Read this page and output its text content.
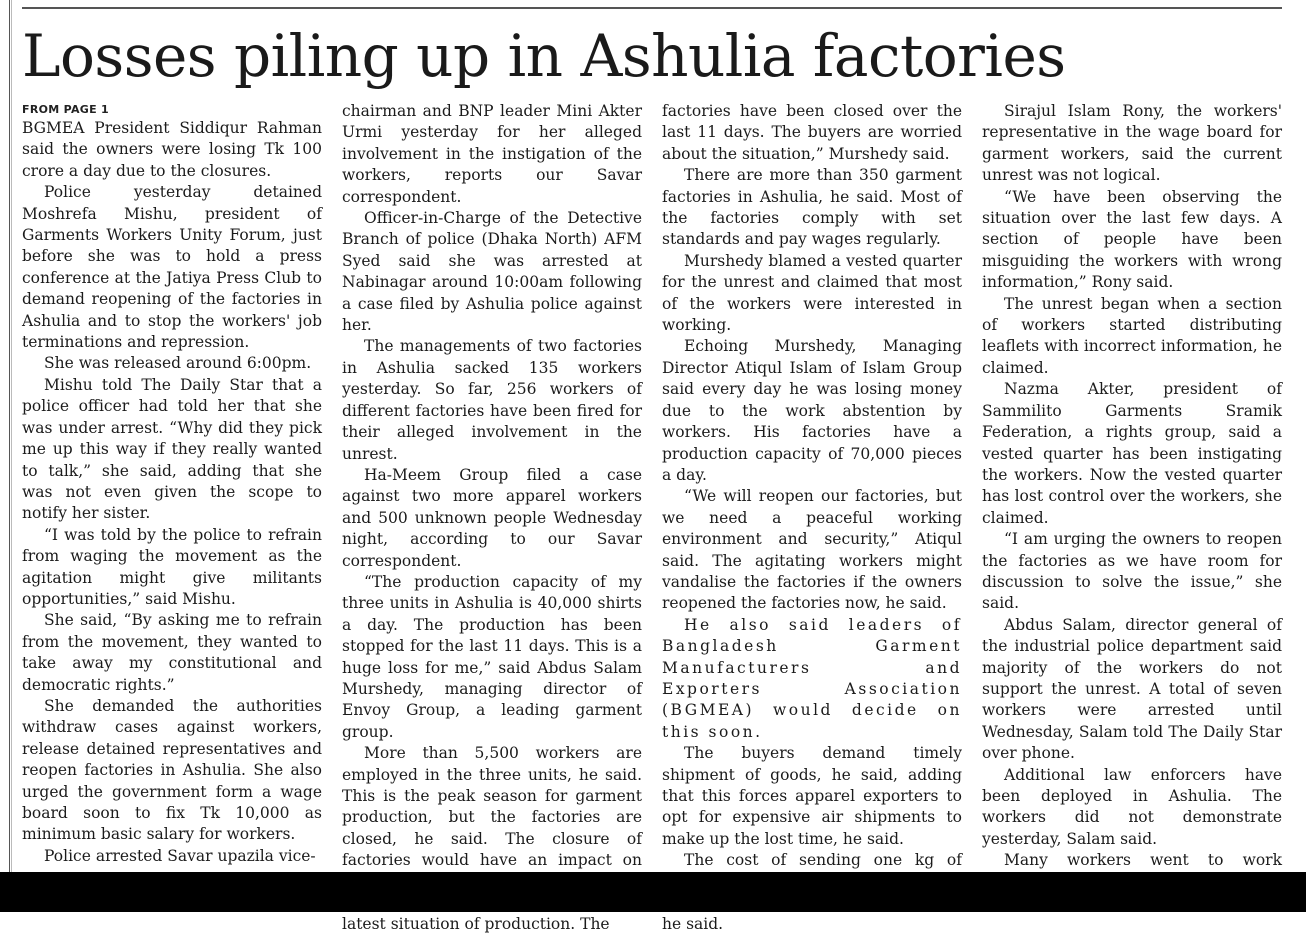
Losses piling up in Ashulia factories

FROM PAGE 1

BGMEA President Siddiqur Rahman said the owners were losing Tk 100 crore a day due to the closures.

Police yesterday detained Moshrefa Mishu, president of Garments Workers Unity Forum, just before she was to hold a press conference at the Jatiya Press Club to demand reopening of the factories in Ashulia and to stop the workers' job terminations and repression.

She was released around 6:00pm.

Mishu told The Daily Star that a police officer had told her that she was under arrest. “Why did they pick me up this way if they really wanted to talk,” she said, adding that she was not even given the scope to notify her sister.

“I was told by the police to refrain from waging the movement as the agitation might give militants opportunities,” said Mishu.

She said, “By asking me to refrain from the movement, they wanted to take away my constitutional and democratic rights.”

She demanded the authorities withdraw cases against workers, release detained representatives and reopen factories in Ashulia. She also urged the government form a wage board soon to fix Tk 10,000 as minimum basic salary for workers.

Police arrested Savar upazila vice-

chairman and BNP leader Mini Akter Urmi yesterday for her alleged involvement in the instigation of the workers, reports our Savar correspondent.

Officer-in-Charge of the Detective Branch of police (Dhaka North) AFM Syed said she was arrested at Nabinagar around 10:00am following a case filed by Ashulia police against her.

The managements of two factories in Ashulia sacked 135 workers yesterday. So far, 256 workers of different factories have been fired for their alleged involvement in the unrest.

Ha-Meem Group filed a case against two more apparel workers and 500 unknown people Wednesday night, according to our Savar correspondent.

“The production capacity of my three units in Ashulia is 40,000 shirts a day. The production has been stopped for the last 11 days. This is a huge loss for me,” said Abdus Salam Murshedy, managing director of Envoy Group, a leading garment group.

More than 5,500 workers are employed in the three units, he said. This is the peak season for garment production, but the factories are closed, he said. The closure of factories would have an impact on

latest situation of production. The

factories have been closed over the last 11 days. The buyers are worried about the situation,” Murshedy said.

There are more than 350 garment factories in Ashulia, he said. Most of the factories comply with set standards and pay wages regularly.

Murshedy blamed a vested quarter for the unrest and claimed that most of the workers were interested in working.

Echoing Murshedy, Managing Director Atiqul Islam of Islam Group said every day he was losing money due to the work abstention by workers. His factories have a production capacity of 70,000 pieces a day.

“We will reopen our factories, but we need a peaceful working environment and security,” Atiqul said. The agitating workers might vandalise the factories if the owners reopened the factories now, he said.

He also said leaders of Bangladesh Garment Manufacturers and Exporters Association (BGMEA) would decide on this soon.

The buyers demand timely shipment of goods, he said, adding that this forces apparel exporters to opt for expensive air shipments to make up the lost time, he said.

The cost of sending one kg of he said.

Sirajul Islam Rony, the workers' representative in the wage board for garment workers, said the current unrest was not logical.

“We have been observing the situation over the last few days. A section of people have been misguiding the workers with wrong information,” Rony said.

The unrest began when a section of workers started distributing leaflets with incorrect information, he claimed.

Nazma Akter, president of Sammilito Garments Sramik Federation, a rights group, said a vested quarter has been instigating the workers. Now the vested quarter has lost control over the workers, she claimed.

“I am urging the owners to reopen the factories as we have room for discussion to solve the issue,” she said.

Abdus Salam, director general of the industrial police department said majority of the workers do not support the unrest. A total of seven workers were arrested until Wednesday, Salam told The Daily Star over phone.

Additional law enforcers have been deployed in Ashulia. The workers did not demonstrate yesterday, Salam said.

Many workers went to work
